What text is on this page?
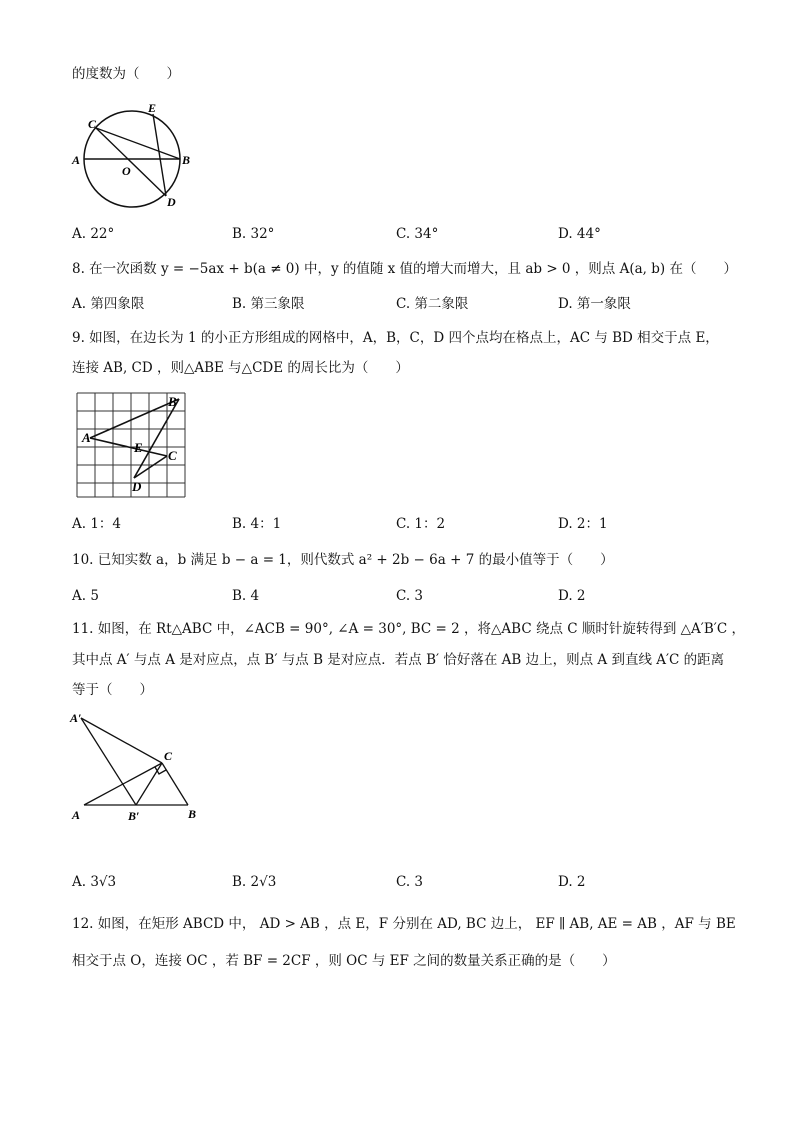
的度数为（　　）
C
E
A
O
B
D
A. 22°	B. 32°	C. 34°	D. 44°
8. 在一次函数 y = −5ax + b(a ≠ 0) 中，y 的值随 x 值的增大而增大，且 ab > 0 ，则点 A(a, b) 在（　　）
A. 第四象限	B. 第三象限	C. 第二象限	D. 第一象限
9. 如图，在边长为 1 的小正方形组成的网格中，A，B，C，D 四个点均在格点上，AC 与 BD 相交于点 E，
连接 AB, CD ，则△ABE 与△CDE 的周长比为（　　）
B
A
E
C
D
A. 1：4	B. 4：1	C. 1：2	D. 2：1
10. 已知实数 a，b 满足 b − a = 1，则代数式 a² + 2b − 6a + 7 的最小值等于（　　）
A. 5	B. 4	C. 3	D. 2
11. 如图，在 Rt△ABC 中，∠ACB = 90°, ∠A = 30°, BC = 2 ，将△ABC 绕点 C 顺时针旋转得到 △A′B′C ，
其中点 A′ 与点 A 是对应点，点 B′ 与点 B 是对应点．若点 B′ 恰好落在 AB 边上，则点 A 到直线 A′C 的距离
等于（　　）
A′
C
A	B′	B
A. 3√3	B. 2√3	C. 3	D. 2
12. 如图，在矩形 ABCD 中， AD > AB ，点 E，F 分别在 AD, BC 边上， EF ∥ AB, AE = AB ，AF 与 BE
相交于点 O，连接 OC ，若 BF = 2CF ，则 OC 与 EF 之间的数量关系正确的是（　　）
